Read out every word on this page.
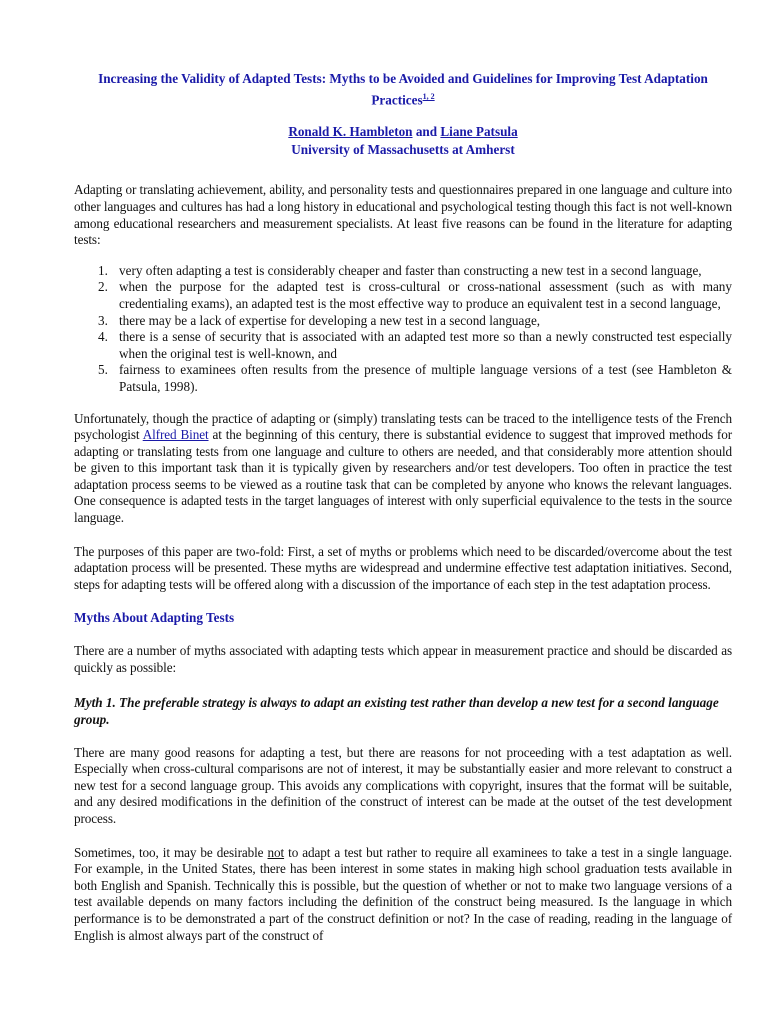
Increasing the Validity of Adapted Tests: Myths to be Avoided and Guidelines for Improving Test Adaptation Practices$^{1, 2}$

Ronald K. Hambleton and Liane Patsula
University of Massachusetts at Amherst

Adapting or translating achievement, ability, and personality tests and questionnaires prepared in one language and culture into other languages and cultures has had a long history in educational and psychological testing though this fact is not well-known among educational researchers and measurement specialists. At least five reasons can be found in the literature for adapting tests:

1. very often adapting a test is considerably cheaper and faster than constructing a new test in a second language,
2. when the purpose for the adapted test is cross-cultural or cross-national assessment (such as with many credentialing exams), an adapted test is the most effective way to produce an equivalent test in a second language,
3. there may be a lack of expertise for developing a new test in a second language,
4. there is a sense of security that is associated with an adapted test more so than a newly constructed test especially when the original test is well-known, and
5. fairness to examinees often results from the presence of multiple language versions of a test (see Hambleton & Patsula, 1998).

Unfortunately, though the practice of adapting or (simply) translating tests can be traced to the intelligence tests of the French psychologist Alfred Binet at the beginning of this century, there is substantial evidence to suggest that improved methods for adapting or translating tests from one language and culture to others are needed, and that considerably more attention should be given to this important task than it is typically given by researchers and/or test developers. Too often in practice the test adaptation process seems to be viewed as a routine task that can be completed by anyone who knows the relevant languages. One consequence is adapted tests in the target languages of interest with only superficial equivalence to the tests in the source language.

The purposes of this paper are two-fold: First, a set of myths or problems which need to be discarded/overcome about the test adaptation process will be presented. These myths are widespread and undermine effective test adaptation initiatives. Second, steps for adapting tests will be offered along with a discussion of the importance of each step in the test adaptation process.

Myths About Adapting Tests

There are a number of myths associated with adapting tests which appear in measurement practice and should be discarded as quickly as possible:

Myth 1. The preferable strategy is always to adapt an existing test rather than develop a new test for a second language group.

There are many good reasons for adapting a test, but there are reasons for not proceeding with a test adaptation as well. Especially when cross-cultural comparisons are not of interest, it may be substantially easier and more relevant to construct a new test for a second language group. This avoids any complications with copyright, insures that the format will be suitable, and any desired modifications in the definition of the construct of interest can be made at the outset of the test development process.

Sometimes, too, it may be desirable not to adapt a test but rather to require all examinees to take a test in a single language. For example, in the United States, there has been interest in some states in making high school graduation tests available in both English and Spanish. Technically this is possible, but the question of whether or not to make two language versions of a test available depends on many factors including the definition of the construct being measured. Is the language in which performance is to be demonstrated a part of the construct definition or not? In the case of reading, reading in the language of English is almost always part of the construct of
